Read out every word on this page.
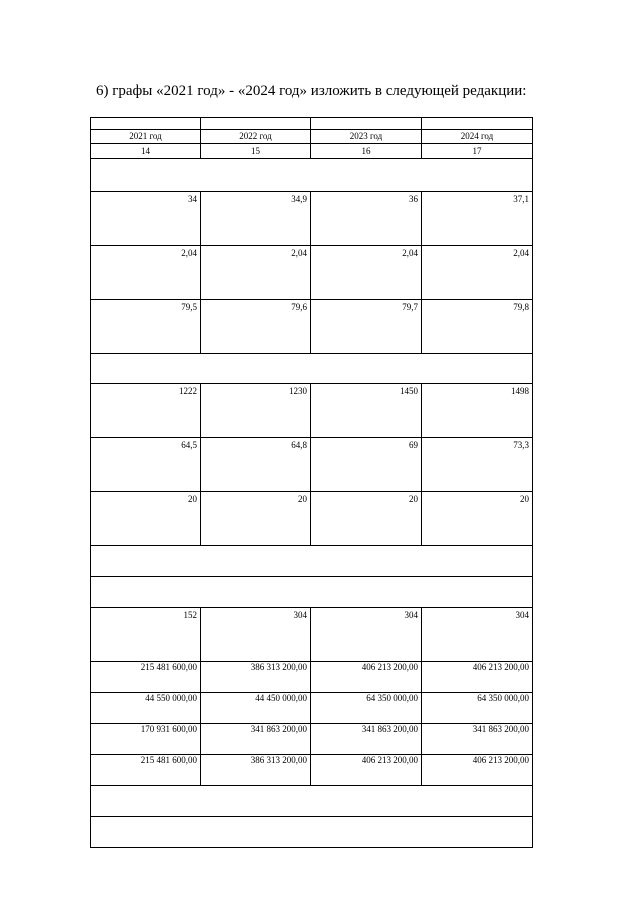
6) графы «2021 год» - «2024 год» изложить в следующей редакции:

2021 год	2022 год	2023 год	2024 год
14	15	16	17

34	34,9	36	37,1
2,04	2,04	2,04	2,04
79,5	79,6	79,7	79,8

1222	1230	1450	1498
64,5	64,8	69	73,3
20	20	20	20

152	304	304	304
215 481 600,00	386 313 200,00	406 213 200,00	406 213 200,00
44 550 000,00	44 450 000,00	64 350 000,00	64 350 000,00
170 931 600,00	341 863 200,00	341 863 200,00	341 863 200,00
215 481 600,00	386 313 200,00	406 213 200,00	406 213 200,00
